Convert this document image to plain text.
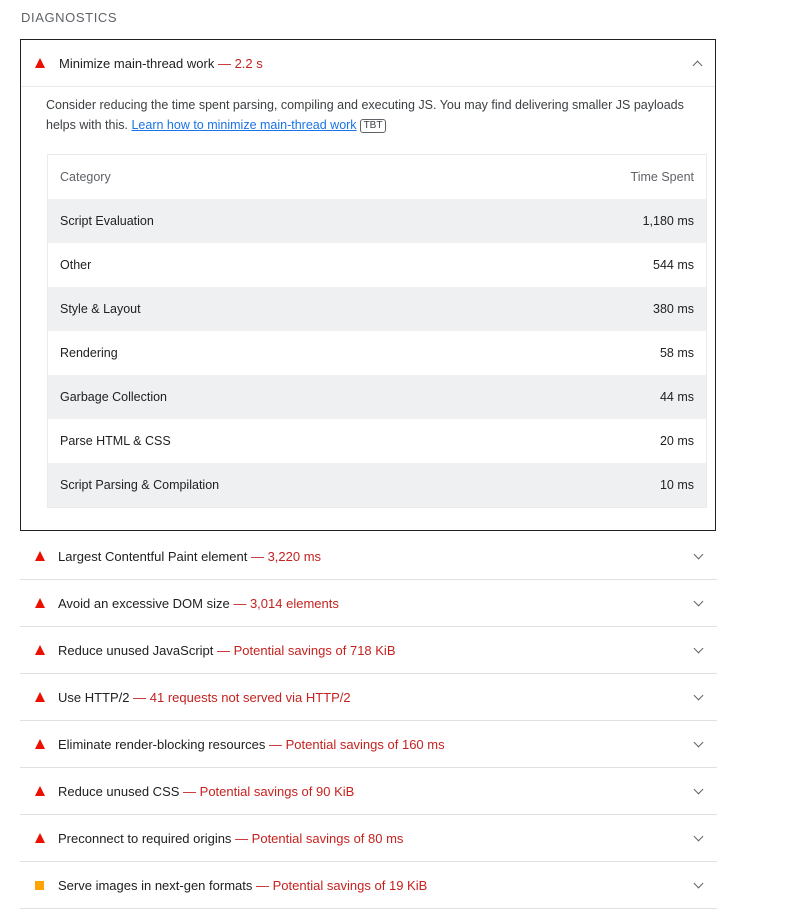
DIAGNOSTICS
Minimize main-thread work — 2.2 s
Consider reducing the time spent parsing, compiling and executing JS. You may find delivering smaller JS payloads helps with this. Learn how to minimize main-thread work TBT
Category	Time Spent
Script Evaluation	1,180 ms
Other	544 ms
Style & Layout	380 ms
Rendering	58 ms
Garbage Collection	44 ms
Parse HTML & CSS	20 ms
Script Parsing & Compilation	10 ms
Largest Contentful Paint element — 3,220 ms
Avoid an excessive DOM size — 3,014 elements
Reduce unused JavaScript — Potential savings of 718 KiB
Use HTTP/2 — 41 requests not served via HTTP/2
Eliminate render-blocking resources — Potential savings of 160 ms
Reduce unused CSS — Potential savings of 90 KiB
Preconnect to required origins — Potential savings of 80 ms
Serve images in next-gen formats — Potential savings of 19 KiB
